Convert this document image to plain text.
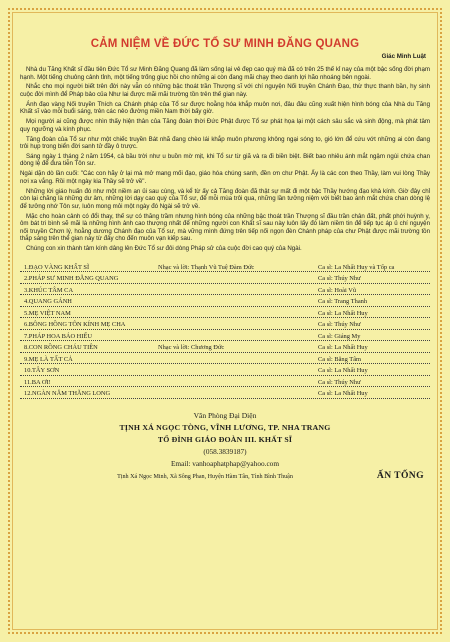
CẢM NIỆM VỀ ĐỨC TỔ SƯ MINH ĐĂNG QUANG
Giác Minh Luật

Nhà du Tăng Khất sĩ đầu tiên Đức Tổ sư Minh Đăng Quang đã làm sống lại vẻ đẹp cao quý mà đã có trên 25 thế kỉ nay của một bậc sống đời phạm hạnh. Một tiếng chuông cảnh tỉnh, một tiếng trống giục hồi cho những ai còn đang mãi chạy theo danh lợi hão nhoáng bên ngoài.

Nhắc cho mọi người biết trên đời này vẫn có những bậc thoát trần Thượng sĩ với chí nguyện Nối truyền Chánh Đạo, thừ thực thanh bần, hy sinh cuộc đời mình để Pháp bảo của Như lai được mãi mãi trường tồn trên thế gian này.

Ánh đạo vàng Nối truyền Thích ca Chánh pháp của Tổ sư được hoằng hóa khắp muôn nơi, đâu đâu cũng xuất hiện hình bóng của Nhà du Tăng Khất sĩ vào mỗi buổi sáng, trên các nẻo đường miền Nam thời bấy giờ.

Mọi người ai cũng được nhìn thấy hiện thân của Tăng đoàn thời Đức Phật được Tổ sư phát họa lại một cách sâu sắc và sinh động, mà phát tâm quy ngưỡng và kính phục.

Tăng đoàn của Tổ sư như một chiếc truyền Bát nhã đang chèo lái khắp muôn phương không ngại sóng to, gió lớn để cứu vớt những ai còn đang trôi hụp trong biển đời sanh tử đầy ô trược.

Sáng ngày 1 tháng 2 năm 1954, cả bầu trời như u buồn mờ mịt, khi Tổ sư từ giã và ra đi biền biệt. Biết bao nhiêu ánh mắt ngậm ngùi chứa chan dòng lệ để đưa tiễn Tôn sư.

Ngài dặn dò lần cuối: "Các con hãy ở lại mà mở mang mối đạo, giáo hóa chúng sanh, đền ơn chư Phật. Ấy là các con theo Thầy, làm vui lòng Thầy nơi xa vắng. Rồi một ngày kia Thầy sẽ trở về".

Những lời giáo huấn đó như một niềm an ủi sau cùng, và kể từ ấy cả Tăng đoàn đã thật sự mất đi một bậc Thầy hướng đạo khả kính. Giờ đây chỉ còn lại chăng là những dư âm, những lời dạy cao quý của Tổ sư, để mỗi mùa trôi qua, những lần tưởng niệm với biết bao ánh mắt chứa chan dòng lệ để tưởng nhớ Tôn sư, luôn mong mỏi một ngày đó Ngài sẽ trở về.

Mặc cho hoàn cảnh có đổi thay, thế sự có thăng trầm nhưng hình bóng của những bậc thoát trần Thượng sĩ đầu trần chân đất, phất phới huỳnh y, ôm bát tri bình sẽ mãi là những hình ảnh cao thượng nhất để những người con Khất sĩ sau này luôn lấy đó làm niềm tin để tiếp tục áp ủ chí nguyện nối truyền Chơn lý, hoằng dương Chánh đạo của Tổ sư, mà vững mình đứng trên tiếp nối ngọn đèn Chánh pháp của chư Phật được mãi trường tồn thắp sáng trên thế gian này từ đây cho đến muôn vạn kiếp sau.

Chúng con xin thành tâm kính dâng lên Đức Tổ sư đôi dòng Pháp sử của cuộc đời cao quý của Ngài.

1.ĐẠO VÀNG KHẤT SĨ	Nhạc và lời: Thạnh Vũ Tuệ Đàm Đức	Ca sĩ: La Nhất Huy và Tốp ca
2.PHÁP SƯ MINH ĐĂNG QUANG	Ca sĩ: Thúy Như
3.KHÚC TÂM CA	Ca sĩ: Hoài Vũ
4.QUANG GÁNH	Ca sĩ: Trang Thanh
5.MẸ VIỆT NAM	Ca sĩ: La Nhất Huy
6.BÔNG HỒNG TÔN KÍNH MẸ CHA	Ca sĩ: Thúy Như
7.PHÁP HOA BÁO HIẾU	Ca sĩ: Giáng My
8.CON RỒNG CHÁU TIÊN	Nhạc và lời: Chương Đức	Ca sĩ: La Nhất Huy
9.MẸ LÀ TẤT CẢ	Ca sĩ: Băng Tâm
10.TÂY SƠN	Ca sĩ: La Nhất Huy
11.BA ƠI!	Ca sĩ: Thúy Như
12.NGÀN NĂM THĂNG LONG	Ca sĩ: La Nhất Huy
Văn Phòng Đại Diện
TỊNH XÁ NGỌC TÒNG, VĨNH LƯƠNG, TP. NHA TRANG
TỔ ĐÌNH GIÁO ĐOÀN III. KHẤT SĨ
(058.3839187)
Email: vanhoaphatphap@yahoo.com
Tịnh Xá Ngọc Minh, Xã Sông Phan, Huyện Hàm Tân, Tỉnh Bình Thuận	ẤN TỐNG
